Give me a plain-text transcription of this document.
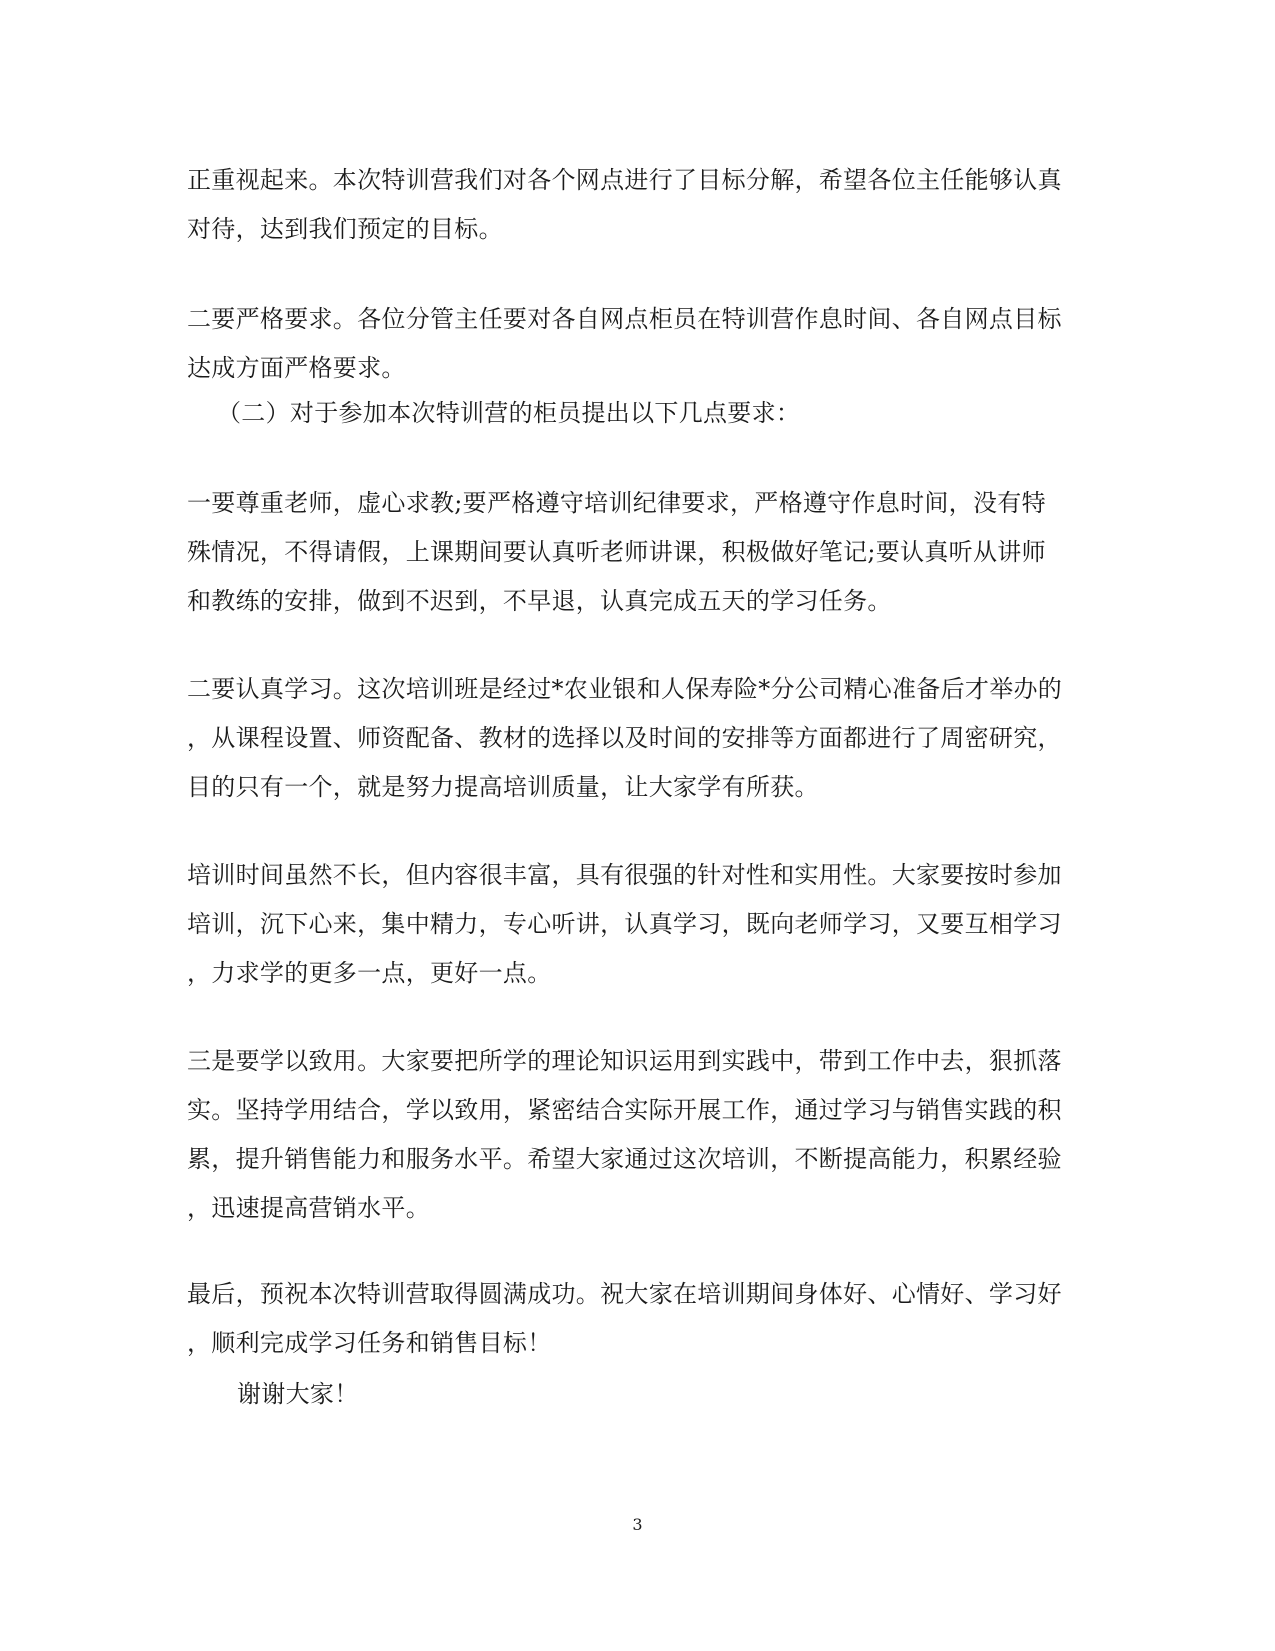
正重视起来。本次特训营我们对各个网点进行了目标分解，希望各位主任能够认真
对待，达到我们预定的目标。
二要严格要求。各位分管主任要对各自网点柜员在特训营作息时间、各自网点目标
达成方面严格要求。
（二）对于参加本次特训营的柜员提出以下几点要求：
一要尊重老师，虚心求教;要严格遵守培训纪律要求，严格遵守作息时间，没有特
殊情况，不得请假，上课期间要认真听老师讲课，积极做好笔记;要认真听从讲师
和教练的安排，做到不迟到，不早退，认真完成五天的学习任务。
二要认真学习。这次培训班是经过*农业银和人保寿险*分公司精心准备后才举办的
，从课程设置、师资配备、教材的选择以及时间的安排等方面都进行了周密研究，
目的只有一个，就是努力提高培训质量，让大家学有所获。
培训时间虽然不长，但内容很丰富，具有很强的针对性和实用性。大家要按时参加
培训，沉下心来，集中精力，专心听讲，认真学习，既向老师学习，又要互相学习
，力求学的更多一点，更好一点。
三是要学以致用。大家要把所学的理论知识运用到实践中，带到工作中去，狠抓落
实。坚持学用结合，学以致用，紧密结合实际开展工作，通过学习与销售实践的积
累，提升销售能力和服务水平。希望大家通过这次培训，不断提高能力，积累经验
，迅速提高营销水平。
最后，预祝本次特训营取得圆满成功。祝大家在培训期间身体好、心情好、学习好
，顺利完成学习任务和销售目标！
谢谢大家！
3
